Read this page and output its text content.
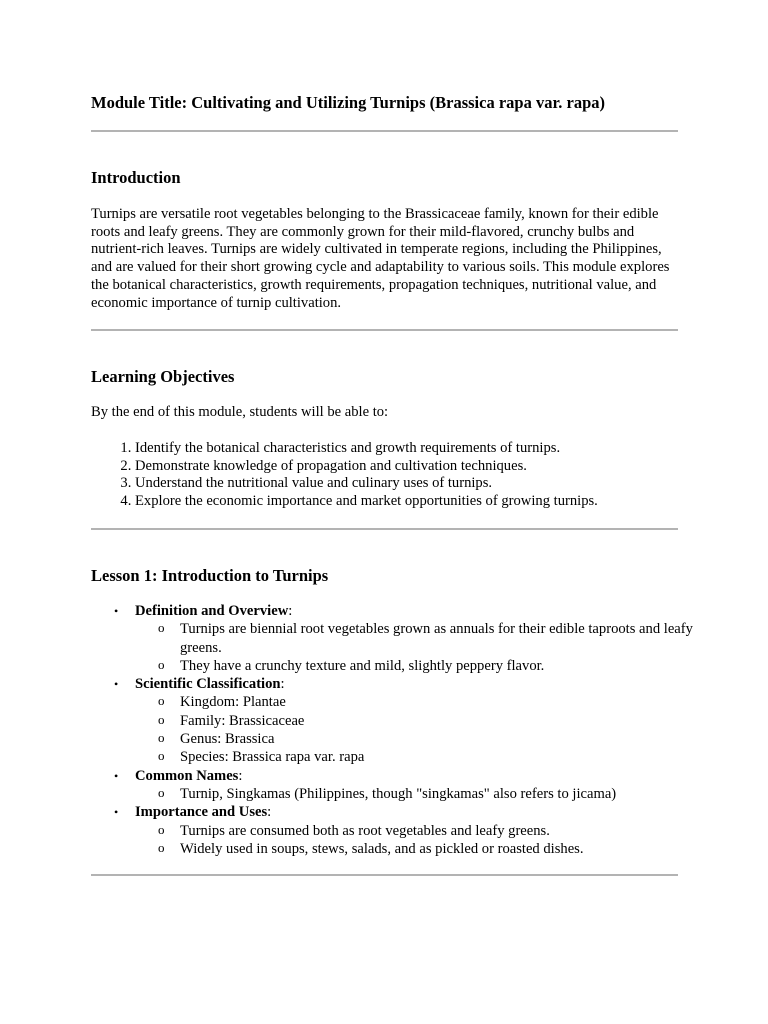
Module Title: Cultivating and Utilizing Turnips (Brassica rapa var. rapa)
Introduction

Turnips are versatile root vegetables belonging to the Brassicaceae family, known for their edible roots and leafy greens. They are commonly grown for their mild-flavored, crunchy bulbs and nutrient-rich leaves. Turnips are widely cultivated in temperate regions, including the Philippines, and are valued for their short growing cycle and adaptability to various soils. This module explores the botanical characteristics, growth requirements, propagation techniques, nutritional value, and economic importance of turnip cultivation.

Learning Objectives

By the end of this module, students will be able to:

1. Identify the botanical characteristics and growth requirements of turnips.
2. Demonstrate knowledge of propagation and cultivation techniques.
3. Understand the nutritional value and culinary uses of turnips.
4. Explore the economic importance and market opportunities of growing turnips.
Lesson 1: Introduction to Turnips
• Definition and Overview:
o Turnips are biennial root vegetables grown as annuals for their edible taproots and leafy greens.
o They have a crunchy texture and mild, slightly peppery flavor.
• Scientific Classification:
o Kingdom: Plantae
o Family: Brassicaceae
o Genus: Brassica
o Species: Brassica rapa var. rapa
• Common Names:
o Turnip, Singkamas (Philippines, though "singkamas" also refers to jicama)
• Importance and Uses:
o Turnips are consumed both as root vegetables and leafy greens.
o Widely used in soups, stews, salads, and as pickled or roasted dishes.
